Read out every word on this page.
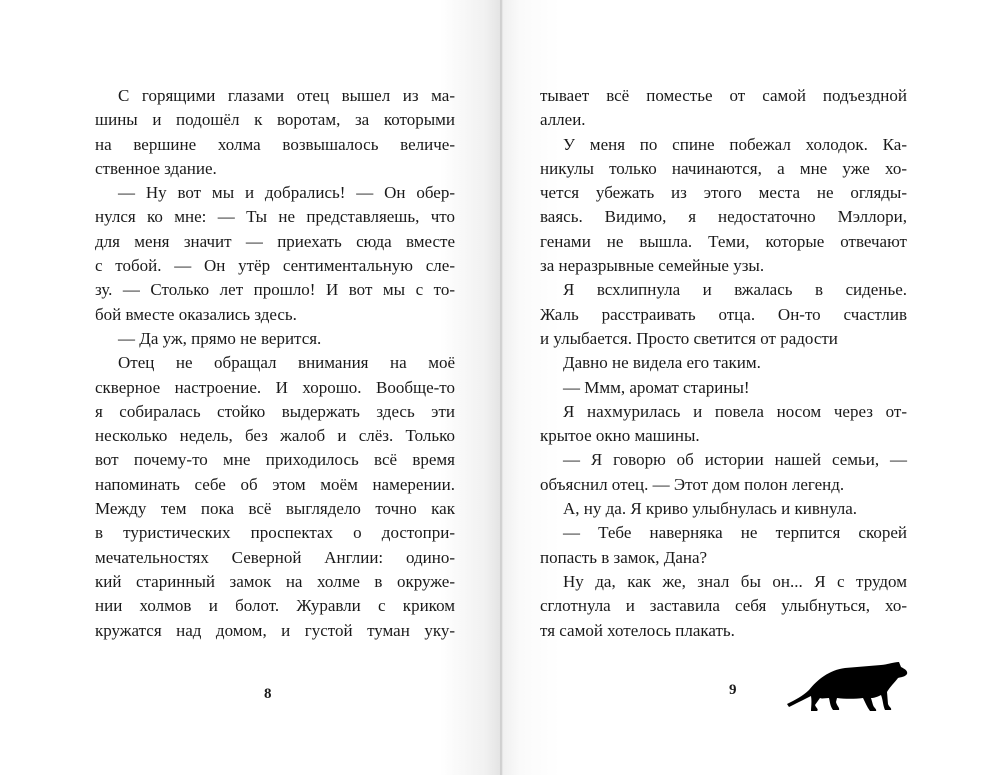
С горящими глазами отец вышел из ма-
шины и подошёл к воротам, за которыми
на вершине холма возвышалось величе-
ственное здание.
— Ну вот мы и добрались! — Он обер-
нулся ко мне: — Ты не представляешь, что
для меня значит — приехать сюда вместе
с тобой. — Он утёр сентиментальную сле-
зу. — Столько лет прошло! И вот мы с то-
бой вместе оказались здесь.
— Да уж, прямо не верится.
Отец не обращал внимания на моё
скверное настроение. И хорошо. Вообще-то
я собиралась стойко выдержать здесь эти
несколько недель, без жалоб и слёз. Только
вот почему-то мне приходилось всё время
напоминать себе об этом моём намерении.
Между тем пока всё выглядело точно как
в туристических проспектах о достопри-
мечательностях Северной Англии: одино-
кий старинный замок на холме в окруже-
нии холмов и болот. Журавли с криком
кружатся над домом, и густой туман уку-
8
тывает всё поместье от самой подъездной
аллеи.
У меня по спине побежал холодок. Ка-
никулы только начинаются, а мне уже хо-
чется убежать из этого места не огляды-
ваясь. Видимо, я недостаточно Мэллори,
генами не вышла. Теми, которые отвечают
за неразрывные семейные узы.
Я всхлипнула и вжалась в сиденье.
Жаль расстраивать отца. Он-то счастлив
и улыбается. Просто светится от радости
Давно не видела его таким.
— Ммм, аромат старины!
Я нахмурилась и повела носом через от-
крытое окно машины.
— Я говорю об истории нашей семьи, —
объяснил отец. — Этот дом полон легенд.
А, ну да. Я криво улыбнулась и кивнула.
— Тебе наверняка не терпится скорей
попасть в замок, Дана?
Ну да, как же, знал бы он... Я с трудом
сглотнула и заставила себя улыбнуться, хо-
тя самой хотелось плакать.
9
